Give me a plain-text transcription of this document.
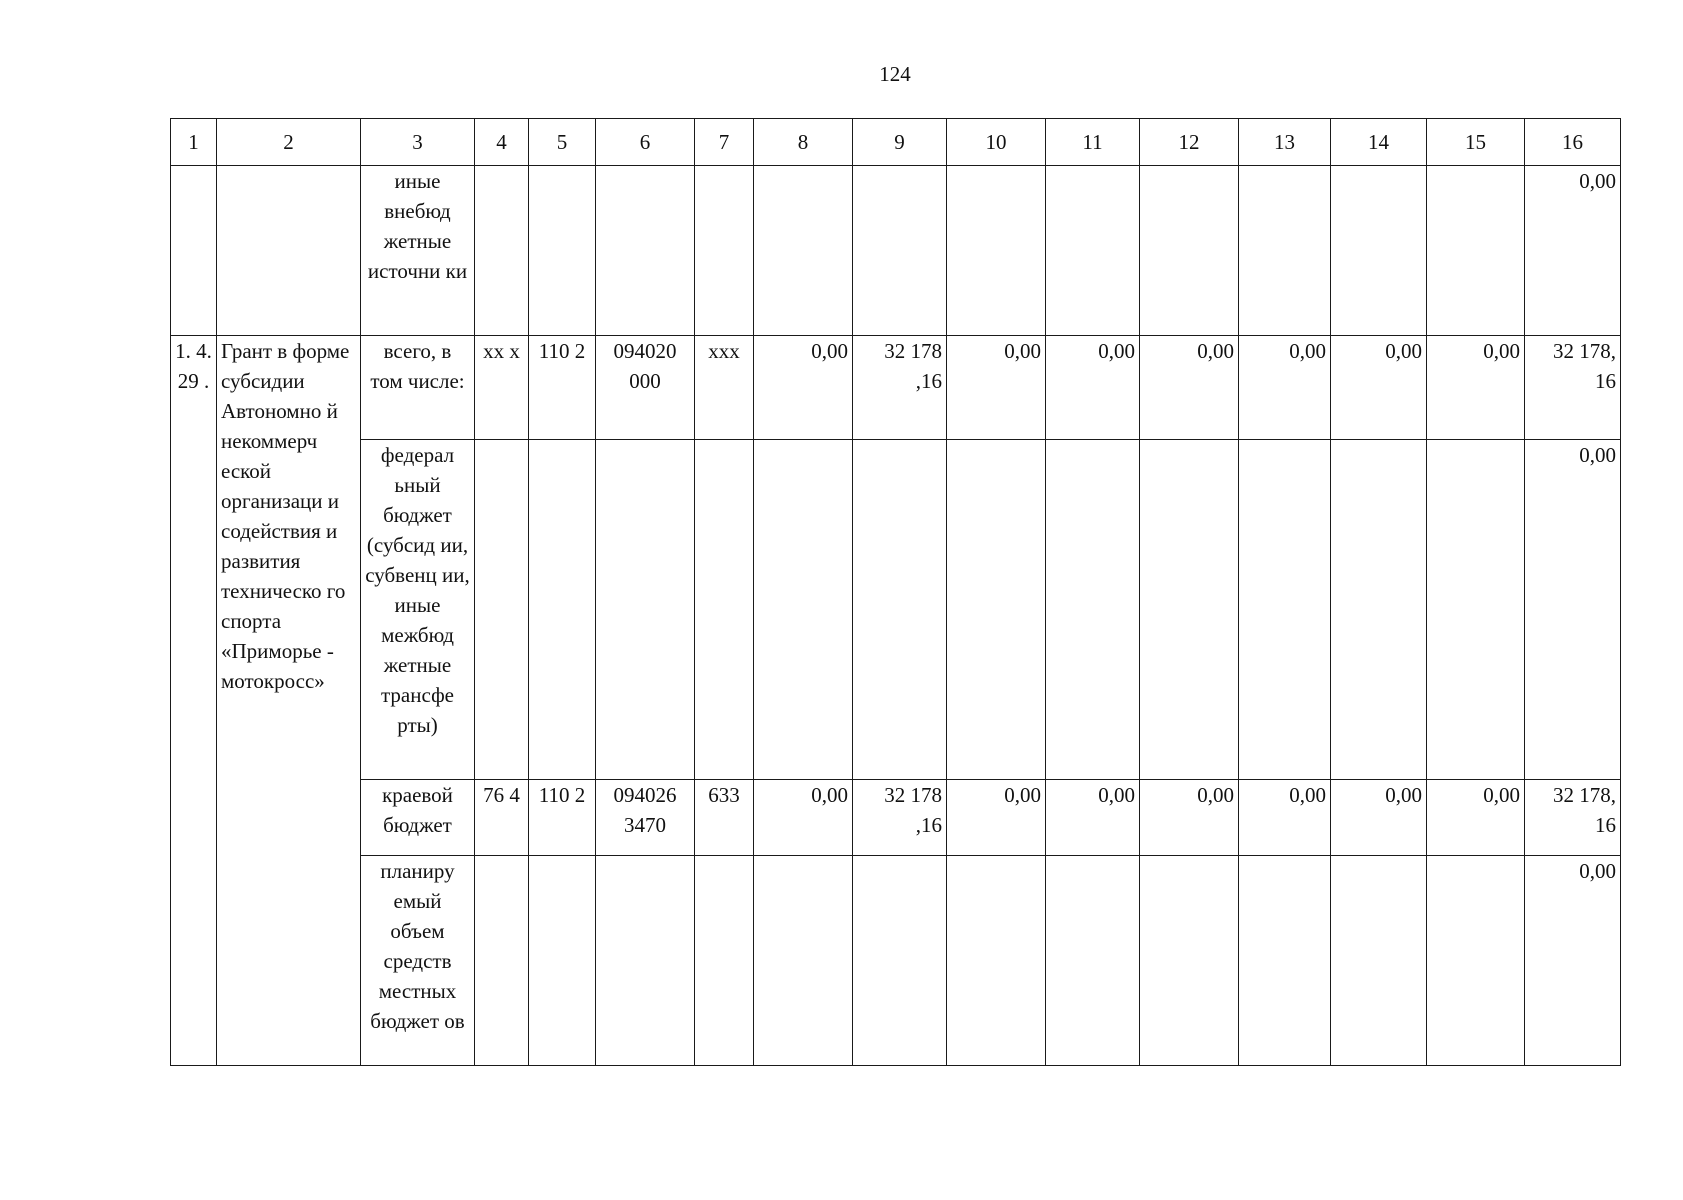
124
1	2	3	4	5	6	7	8	9	10	11	12	13	14	15	16
		иные внебюд жетные источни ки													0,00
1. 4. 29 .	Грант в форме субсидии Автономно й некоммерч еской организаци и содействия и развития техническо го спорта «Приморье - мотокросс»	всего, в том числе:	xx x	110 2	094020 000	xxx	0,00	32 178 ,16	0,00	0,00	0,00	0,00	0,00	0,00	32 178, 16
		федерал ьный бюджет (субсид ии, субвенц ии, иные межбюд жетные трансфе рты)													0,00
		краевой бюджет	76 4	110 2	094026 3470	633	0,00	32 178 ,16	0,00	0,00	0,00	0,00	0,00	0,00	32 178, 16
		планиру емый объем средств местных бюджет ов													0,00
